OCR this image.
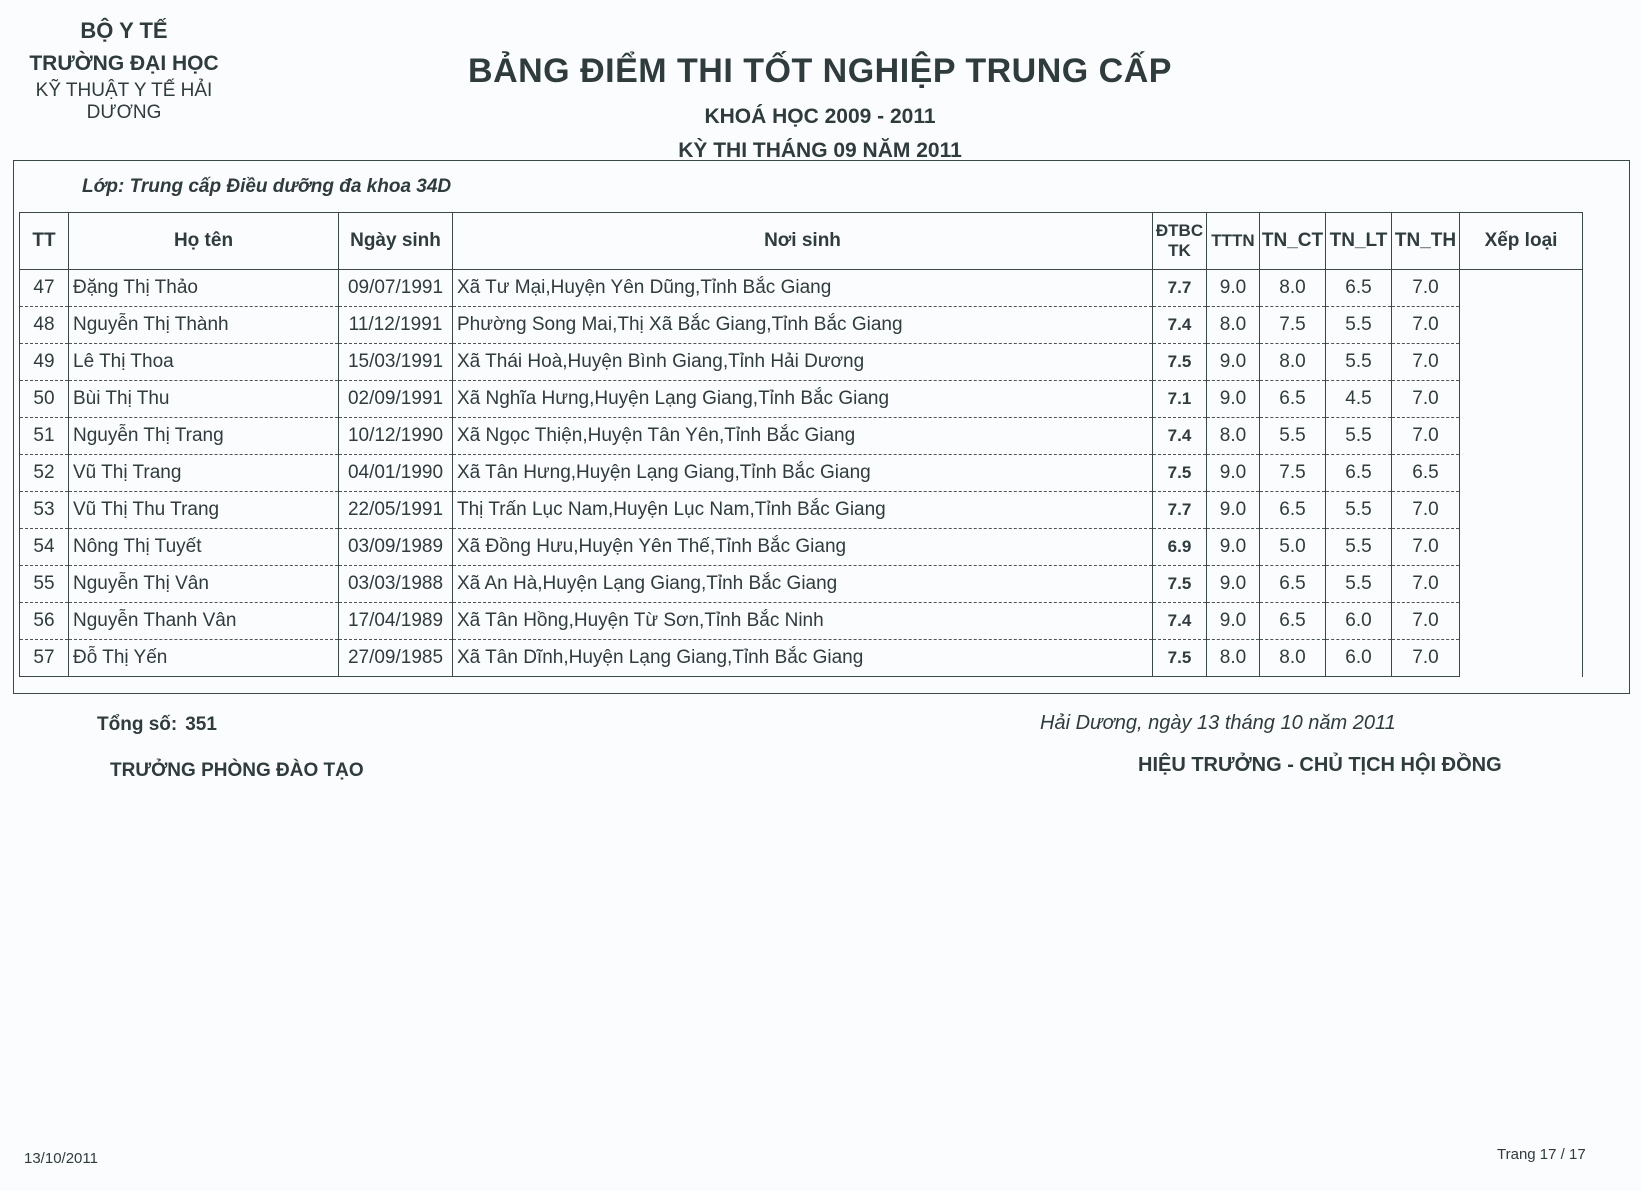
BỘ Y TẾ
TRƯỜNG ĐẠI HỌC
KỸ THUẬT Y TẾ HẢI DƯƠNG
BẢNG ĐIỂM THI TỐT NGHIỆP TRUNG CẤP
KHOÁ HỌC 2009 - 2011
KỲ THI THÁNG 09 NĂM 2011
Lớp: Trung cấp Điều dưỡng đa khoa 34D
TT	Họ tên	Ngày sinh	Nơi sinh	ĐTBC TK	TTTN	TN_CT	TN_LT	TN_TH	Xếp loại
47	Đặng Thị Thảo	09/07/1991	Xã Tư Mại,Huyện Yên Dũng,Tỉnh Bắc Giang	7.7	9.0	8.0	6.5	7.0	
48	Nguyễn Thị Thành	11/12/1991	Phường Song Mai,Thị Xã Bắc Giang,Tỉnh Bắc Giang	7.4	8.0	7.5	5.5	7.0	
49	Lê Thị Thoa	15/03/1991	Xã Thái Hoà,Huyện Bình Giang,Tỉnh Hải Dương	7.5	9.0	8.0	5.5	7.0	
50	Bùi Thị Thu	02/09/1991	Xã Nghĩa Hưng,Huyện Lạng Giang,Tỉnh Bắc Giang	7.1	9.0	6.5	4.5	7.0	
51	Nguyễn Thị Trang	10/12/1990	Xã Ngọc Thiện,Huyện Tân Yên,Tỉnh Bắc Giang	7.4	8.0	5.5	5.5	7.0	
52	Vũ Thị Trang	04/01/1990	Xã Tân Hưng,Huyện Lạng Giang,Tỉnh Bắc Giang	7.5	9.0	7.5	6.5	6.5	
53	Vũ Thị Thu Trang	22/05/1991	Thị Trấn Lục Nam,Huyện Lục Nam,Tỉnh Bắc Giang	7.7	9.0	6.5	5.5	7.0	
54	Nông Thị Tuyết	03/09/1989	Xã Đồng Hưu,Huyện Yên Thế,Tỉnh Bắc Giang	6.9	9.0	5.0	5.5	7.0	
55	Nguyễn Thị Vân	03/03/1988	Xã An Hà,Huyện Lạng Giang,Tỉnh Bắc Giang	7.5	9.0	6.5	5.5	7.0	
56	Nguyễn Thanh Vân	17/04/1989	Xã Tân Hồng,Huyện Từ Sơn,Tỉnh Bắc Ninh	7.4	9.0	6.5	6.0	7.0	
57	Đỗ Thị Yến	27/09/1985	Xã Tân Dĩnh,Huyện Lạng Giang,Tỉnh Bắc Giang	7.5	8.0	8.0	6.0	7.0	
Tổng số: 351
TRƯỞNG PHÒNG ĐÀO TẠO
Hải Dương, ngày 13 tháng 10 năm 2011
HIỆU TRƯỞNG - CHỦ TỊCH HỘI ĐỒNG
13/10/2011	Trang 17 / 17
